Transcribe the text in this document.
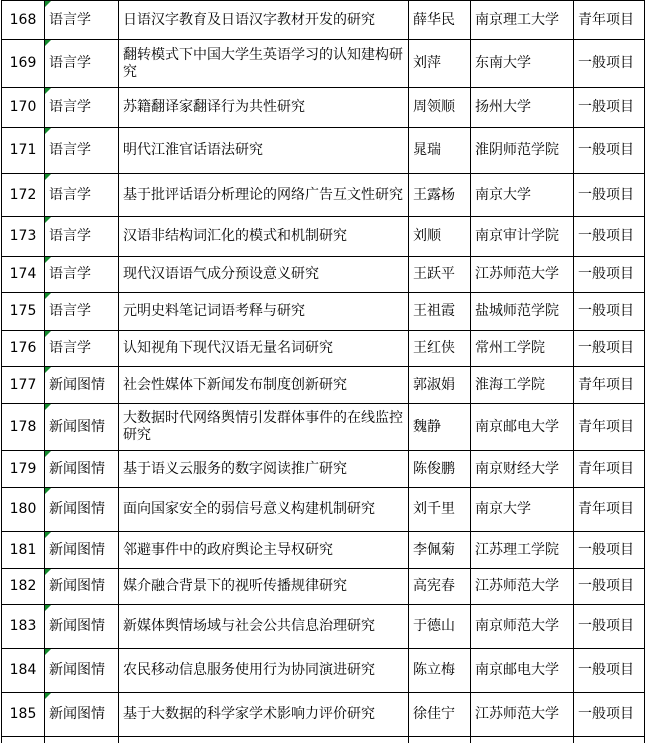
168	语言学	日语汉字教育及日语汉字教材开发的研究	薛华民	南京理工大学	青年项目
169	语言学	翻转模式下中国大学生英语学习的认知建构研究	刘萍	东南大学	一般项目
170	语言学	苏籍翻译家翻译行为共性研究	周领顺	扬州大学	一般项目
171	语言学	明代江淮官话语法研究	晁瑞	淮阴师范学院	一般项目
172	语言学	基于批评话语分析理论的网络广告互文性研究	王露杨	南京大学	一般项目
173	语言学	汉语非结构词汇化的模式和机制研究	刘顺	南京审计学院	一般项目
174	语言学	现代汉语语气成分预设意义研究	王跃平	江苏师范大学	一般项目
175	语言学	元明史料笔记词语考释与研究	王祖霞	盐城师范学院	一般项目
176	语言学	认知视角下现代汉语无量名词研究	王红侠	常州工学院	一般项目
177	新闻图情	社会性媒体下新闻发布制度创新研究	郭淑娟	淮海工学院	青年项目
178	新闻图情	大数据时代网络舆情引发群体事件的在线监控研究	魏静	南京邮电大学	青年项目
179	新闻图情	基于语义云服务的数字阅读推广研究	陈俊鹏	南京财经大学	青年项目
180	新闻图情	面向国家安全的弱信号意义构建机制研究	刘千里	南京大学	青年项目
181	新闻图情	邻避事件中的政府舆论主导权研究	李佩菊	江苏理工学院	一般项目
182	新闻图情	媒介融合背景下的视听传播规律研究	高宪春	江苏师范大学	一般项目
183	新闻图情	新媒体舆情场域与社会公共信息治理研究	于德山	南京师范大学	一般项目
184	新闻图情	农民移动信息服务使用行为协同演进研究	陈立梅	南京邮电大学	一般项目
185	新闻图情	基于大数据的科学家学术影响力评价研究	徐佳宁	江苏师范大学	一般项目
